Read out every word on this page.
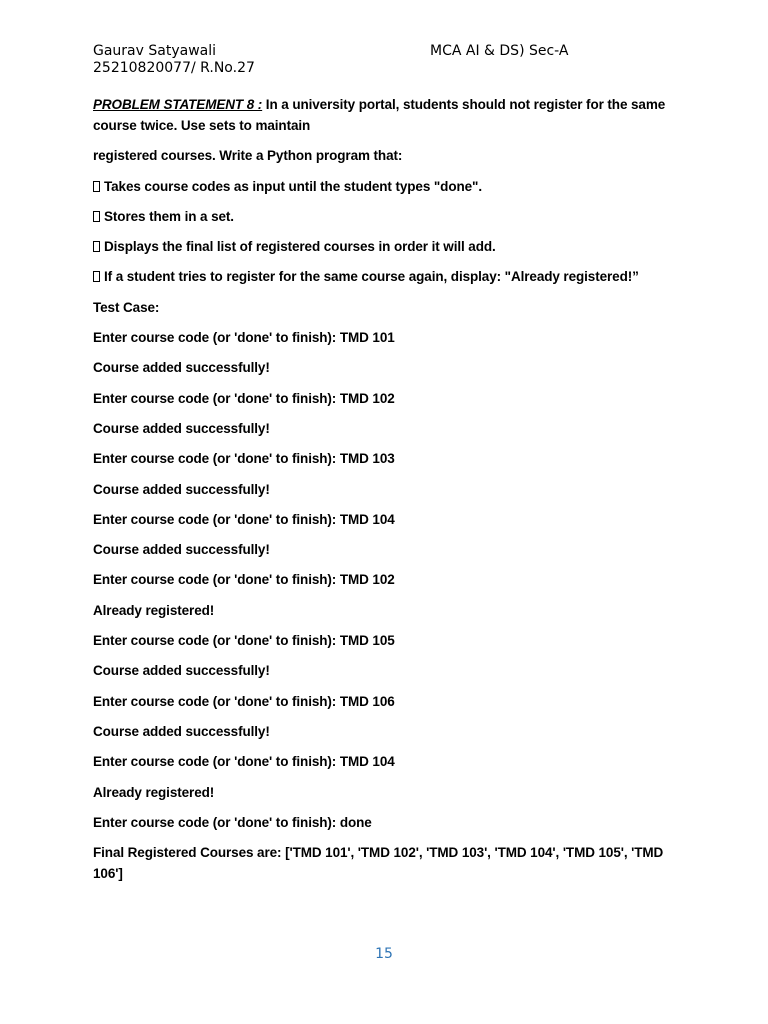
Gaurav Satyawali	MCA AI & DS) Sec-A
25210820077/ R.No.27

PROBLEM STATEMENT 8 : In a university portal, students should not register for the same course twice. Use sets to maintain

registered courses. Write a Python program that:

Takes course codes as input until the student types "done".

Stores them in a set.

Displays the final list of registered courses in order it will add.

If a student tries to register for the same course again, display: "Already registered!”

Test Case:

Enter course code (or 'done' to finish): TMD 101

Course added successfully!

Enter course code (or 'done' to finish): TMD 102

Course added successfully!

Enter course code (or 'done' to finish): TMD 103

Course added successfully!

Enter course code (or 'done' to finish): TMD 104

Course added successfully!

Enter course code (or 'done' to finish): TMD 102

Already registered!

Enter course code (or 'done' to finish): TMD 105

Course added successfully!

Enter course code (or 'done' to finish): TMD 106

Course added successfully!

Enter course code (or 'done' to finish): TMD 104

Already registered!

Enter course code (or 'done' to finish): done

Final Registered Courses are: ['TMD 101', 'TMD 102', 'TMD 103', 'TMD 104', 'TMD 105', 'TMD 106']

15
